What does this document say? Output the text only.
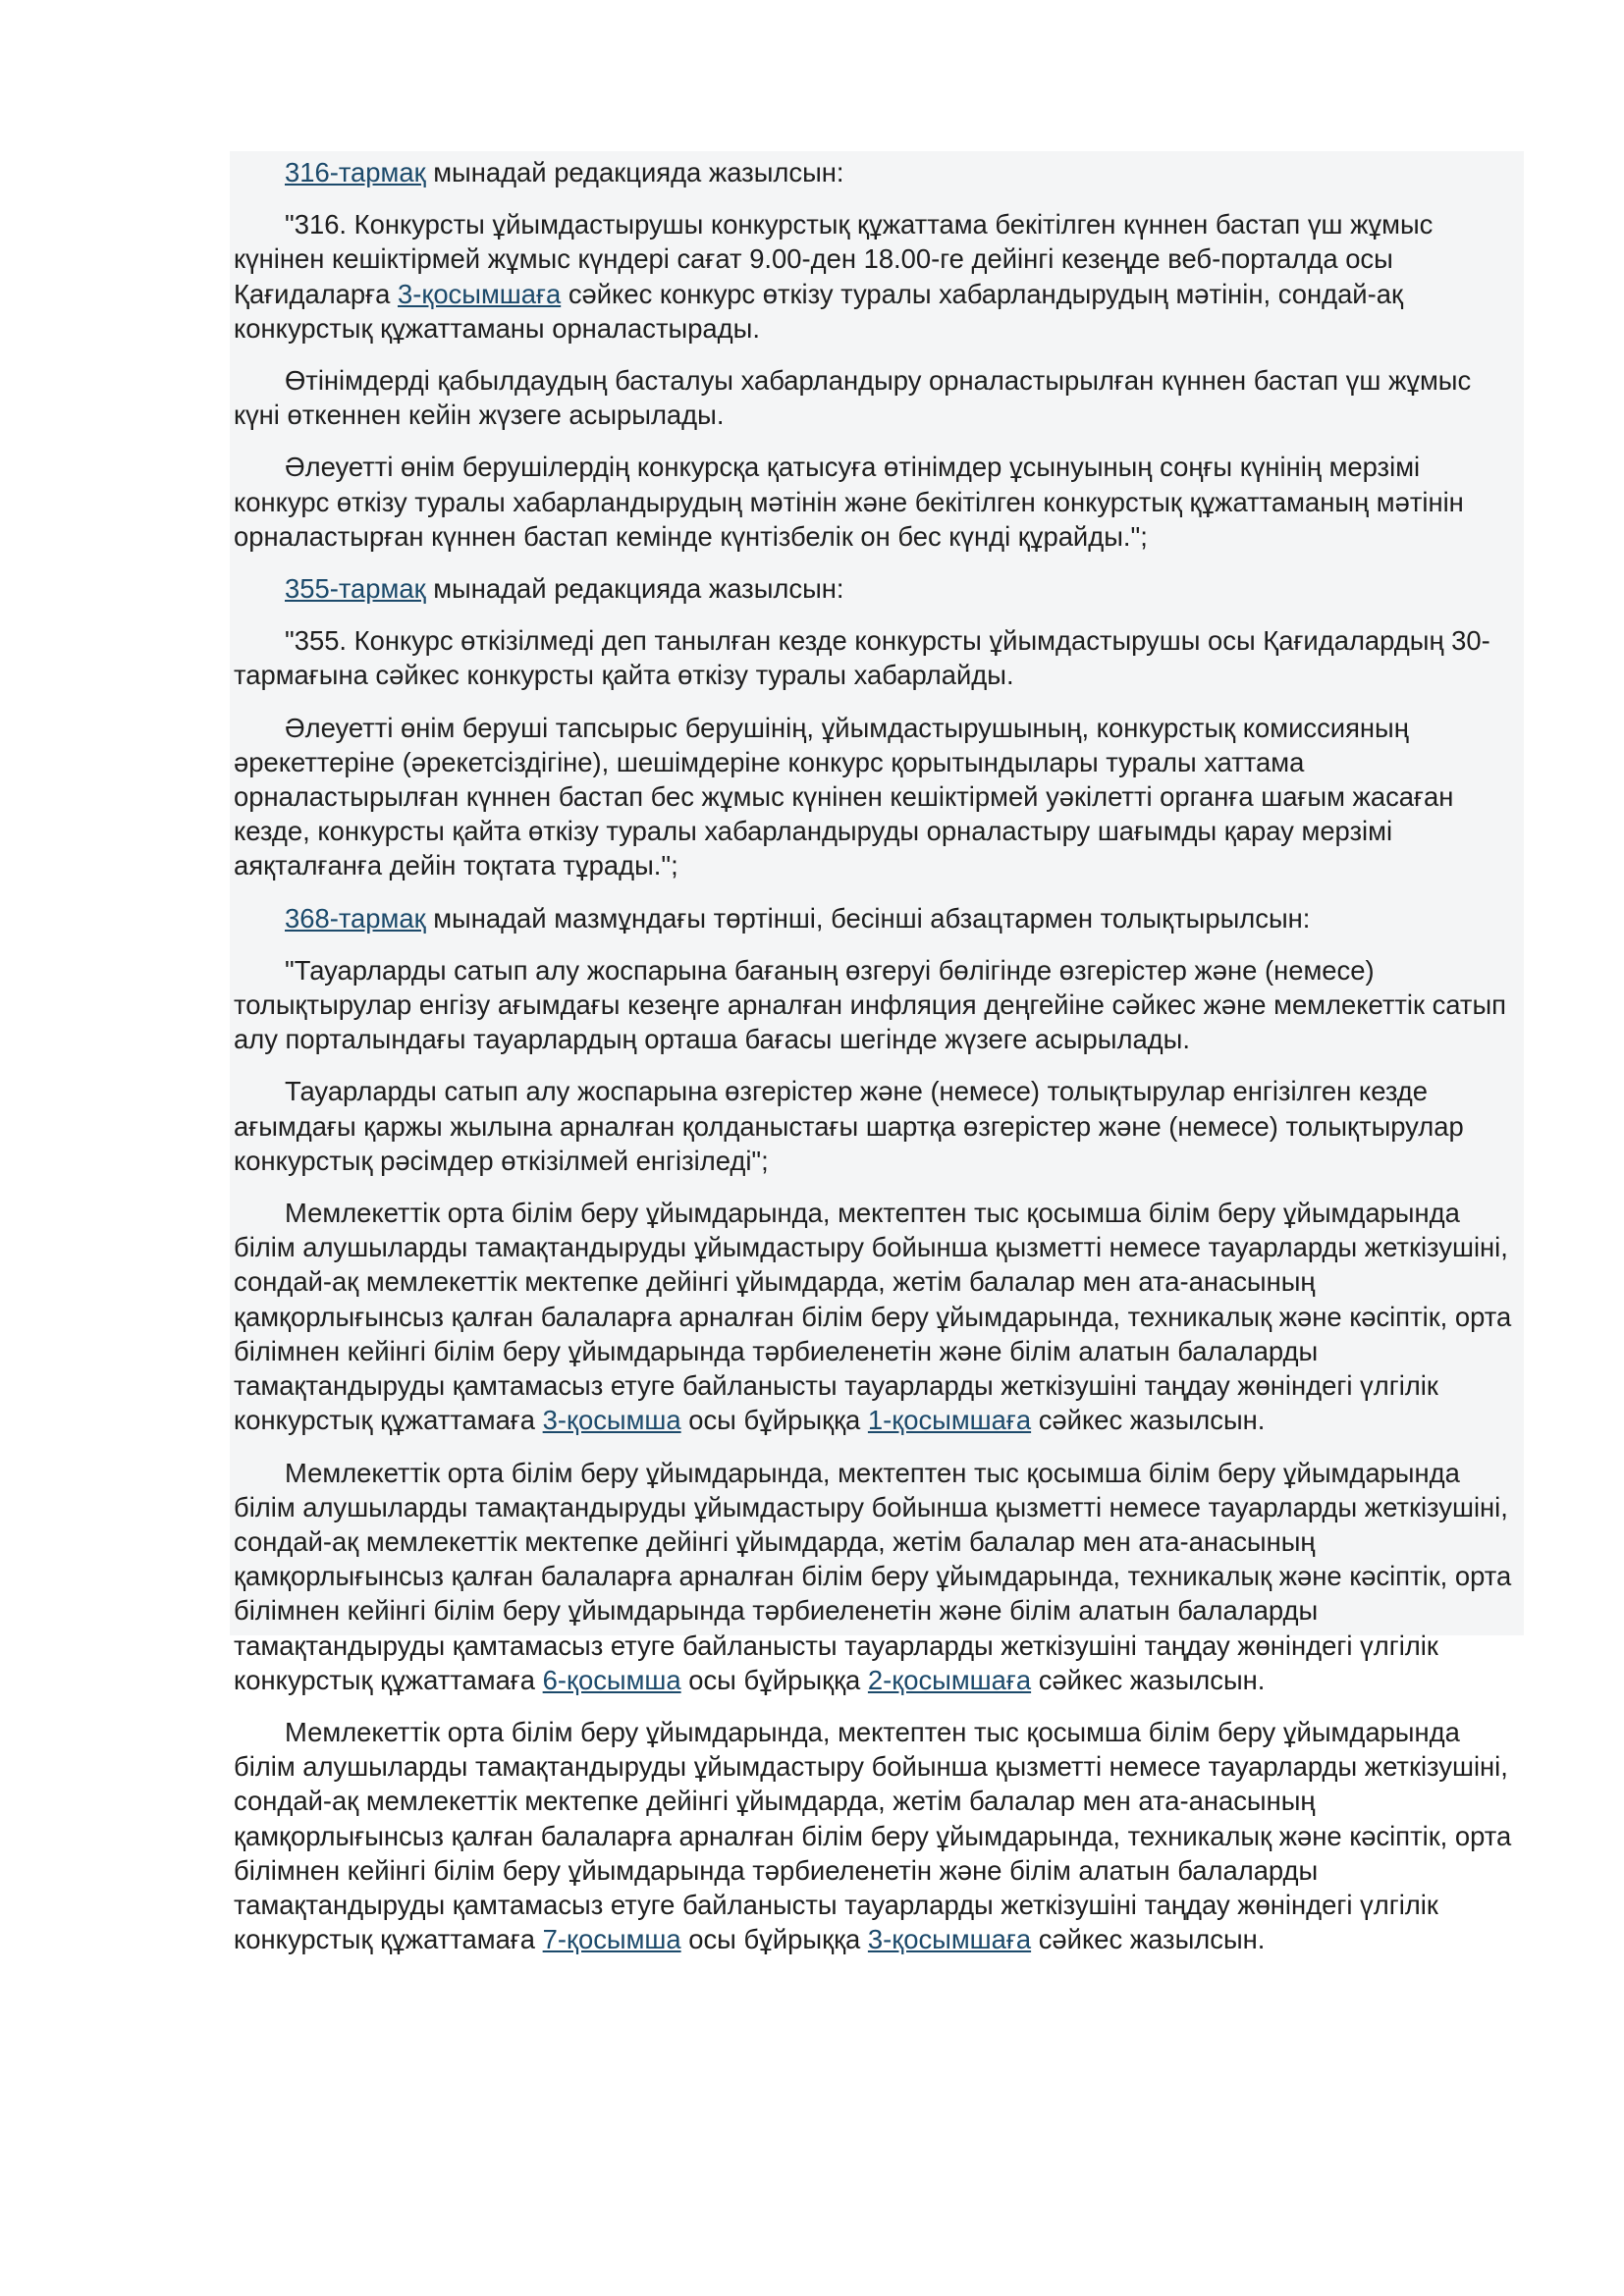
316-тармақ мынадай редакцияда жазылсын:

"316. Конкурсты ұйымдастырушы конкурстық құжаттама бекітілген күннен бастап үш жұмыс күнінен кешіктірмей жұмыс күндері сағат 9.00-ден 18.00-ге дейінгі кезеңде веб-порталда осы Қағидаларға 3-қосымшаға сәйкес конкурс өткізу туралы хабарландырудың мәтінін, сондай-ақ конкурстық құжаттаманы орналастырады.

Өтінімдерді қабылдаудың басталуы хабарландыру орналастырылған күннен бастап үш жұмыс күні өткеннен кейін жүзеге асырылады.

Әлеуетті өнім берушілердің конкурсқа қатысуға өтінімдер ұсынуының соңғы күнінің мерзімі конкурс өткізу туралы хабарландырудың мәтінін және бекітілген конкурстық құжаттаманың мәтінін орналастырған күннен бастап кемінде күнтізбелік он бес күнді құрайды.";

355-тармақ мынадай редакцияда жазылсын:

"355. Конкурс өткізілмеді деп танылған кезде конкурсты ұйымдастырушы осы Қағидалардың 30-тармағына сәйкес конкурсты қайта өткізу туралы хабарлайды.

Әлеуетті өнім беруші тапсырыс берушінің, ұйымдастырушының, конкурстық комиссияның әрекеттеріне (әрекетсіздігіне), шешімдеріне конкурс қорытындылары туралы хаттама орналастырылған күннен бастап бес жұмыс күнінен кешіктірмей уәкілетті органға шағым жасаған кезде, конкурсты қайта өткізу туралы хабарландыруды орналастыру шағымды қарау мерзімі аяқталғанға дейін тоқтата тұрады.";

368-тармақ мынадай мазмұндағы төртінші, бесінші абзацтармен толықтырылсын:

"Тауарларды сатып алу жоспарына бағаның өзгеруі бөлігінде өзгерістер және (немесе) толықтырулар енгізу ағымдағы кезеңге арналған инфляция деңгейіне сәйкес және мемлекеттік сатып алу порталындағы тауарлардың орташа бағасы шегінде жүзеге асырылады.

Тауарларды сатып алу жоспарына өзгерістер және (немесе) толықтырулар енгізілген кезде ағымдағы қаржы жылына арналған қолданыстағы шартқа өзгерістер және (немесе) толықтырулар конкурстық рәсімдер өткізілмей енгізіледі";

Мемлекеттік орта білім беру ұйымдарында, мектептен тыс қосымша білім беру ұйымдарында білім алушыларды тамақтандыруды ұйымдастыру бойынша қызметті немесе тауарларды жеткізушіні, сондай-ақ мемлекеттік мектепке дейінгі ұйымдарда, жетім балалар мен ата-анасының қамқорлығынсыз қалған балаларға арналған білім беру ұйымдарында, техникалық және кәсіптік, орта білімнен кейінгі білім беру ұйымдарында тәрбиеленетін және білім алатын балаларды тамақтандыруды қамтамасыз етуге байланысты тауарларды жеткізушіні таңдау жөніндегі үлгілік конкурстық құжаттамаға 3-қосымша осы бұйрыққа 1-қосымшаға сәйкес жазылсын.

Мемлекеттік орта білім беру ұйымдарында, мектептен тыс қосымша білім беру ұйымдарында білім алушыларды тамақтандыруды ұйымдастыру бойынша қызметті немесе тауарларды жеткізушіні, сондай-ақ мемлекеттік мектепке дейінгі ұйымдарда, жетім балалар мен ата-анасының қамқорлығынсыз қалған балаларға арналған білім беру ұйымдарында, техникалық және кәсіптік, орта білімнен кейінгі білім беру ұйымдарында тәрбиеленетін және білім алатын балаларды тамақтандыруды қамтамасыз етуге байланысты тауарларды жеткізушіні таңдау жөніндегі үлгілік конкурстық құжаттамаға 6-қосымша осы бұйрыққа 2-қосымшаға сәйкес жазылсын.

Мемлекеттік орта білім беру ұйымдарында, мектептен тыс қосымша білім беру ұйымдарында білім алушыларды тамақтандыруды ұйымдастыру бойынша қызметті немесе тауарларды жеткізушіні, сондай-ақ мемлекеттік мектепке дейінгі ұйымдарда, жетім балалар мен ата-анасының қамқорлығынсыз қалған балаларға арналған білім беру ұйымдарында, техникалық және кәсіптік, орта білімнен кейінгі білім беру ұйымдарында тәрбиеленетін және білім алатын балаларды тамақтандыруды қамтамасыз етуге байланысты тауарларды жеткізушіні таңдау жөніндегі үлгілік конкурстық құжаттамаға 7-қосымша осы бұйрыққа 3-қосымшаға сәйкес жазылсын.
